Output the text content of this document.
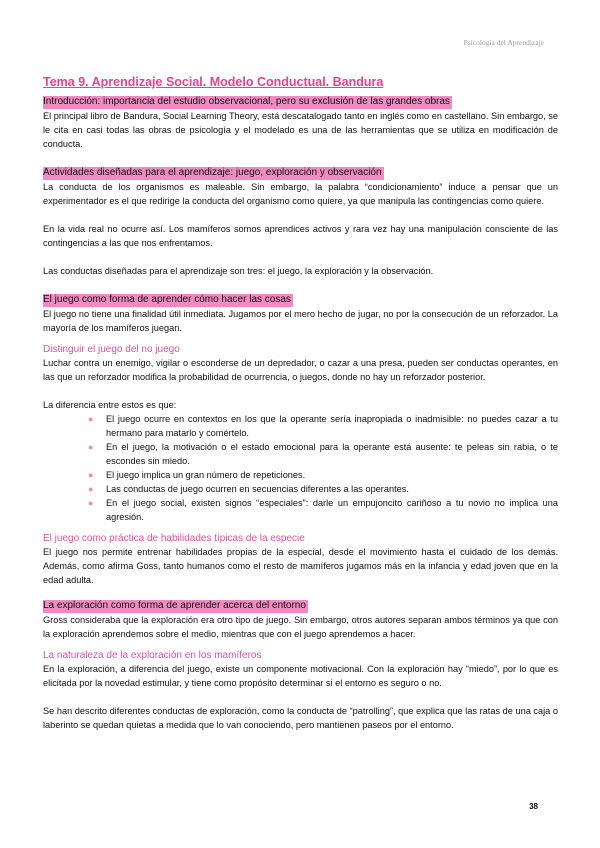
Psicología del Aprendizaje
Tema 9. Aprendizaje Social. Modelo Conductual. Bandura
Introducción: importancia del estudio observacional, pero su exclusión de las grandes obras

El principal libro de Bandura, Social Learning Theory, está descatalogado tanto en inglés como en castellano. Sin embargo, se le cita en casi todas las obras de psicología y el modelado es una de las herramientas que se utiliza en modificación de conducta.

Actividades diseñadas para el aprendizaje: juego, exploración y observación

La conducta de los organismos es maleable. Sin embargo, la palabra “condicionamiento” induce a pensar que un experimentador es el que redirige la conducta del organismo como quiere, ya que manipula las contingencias como quiere.

En la vida real no ocurre así. Los mamíferos somos aprendices activos y rara vez hay una manipulación consciente de las contingencias a las que nos enfrentamos.

Las conductas diseñadas para el aprendizaje son tres: el juego, la exploración y la observación.

El juego como forma de aprender cómo hacer las cosas

El juego no tiene una finalidad útil inmediata. Jugamos por el mero hecho de jugar, no por la consecución de un reforzador. La mayoría de los mamíferos juegan.

Distinguir el juego del no juego

Luchar contra un enemigo, vigilar o esconderse de un depredador, o cazar a una presa, pueden ser conductas operantes, en las que un reforzador modifica la probabilidad de ocurrencia, o juegos, donde no hay un reforzador posterior.

La diferencia entre estos es que:

● El juego ocurre en contextos en los que la operante sería inapropiada o inadmisible: no puedes cazar a tu hermano para matarlo y comértelo.
● En el juego, la motivación o el estado emocional para la operante está ausente: te peleas sin rabia, o te escondes sin miedo.
● El juego implica un gran número de repeticiones.
● Las conductas de juego ocurren en secuencias diferentes a las operantes.
● En el juego social, existen signos “especiales”: darle un empujoncito cariñoso a tu novio no implica una agresión.
El juego como práctica de habilidades típicas de la especie

El juego nos permite entrenar habilidades propias de la especial, desde el movimiento hasta el cuidado de los demás. Además, como afirma Goss, tanto humanos como el resto de mamíferos jugamos más en la infancia y edad joven que en la edad adulta.

La exploración como forma de aprender acerca del entorno

Gross consideraba que la exploración era otro tipo de juego. Sin embargo, otros autores separan ambos términos ya que con la exploración aprendemos sobre el medio, mientras que con el juego aprendemos a hacer.

La naturaleza de la exploración en los mamíferos

En la exploración, a diferencia del juego, existe un componente motivacional. Con la exploración hay “miedo”, por lo que es elicitada por la novedad estimular, y tiene como propósito determinar si el entorno es seguro o no.

Se han descrito diferentes conductas de exploración, como la conducta de “patrolling”, que explica que las ratas de una caja o laberinto se quedan quietas a medida que lo van conociendo, pero mantienen paseos por el entorno.

38
